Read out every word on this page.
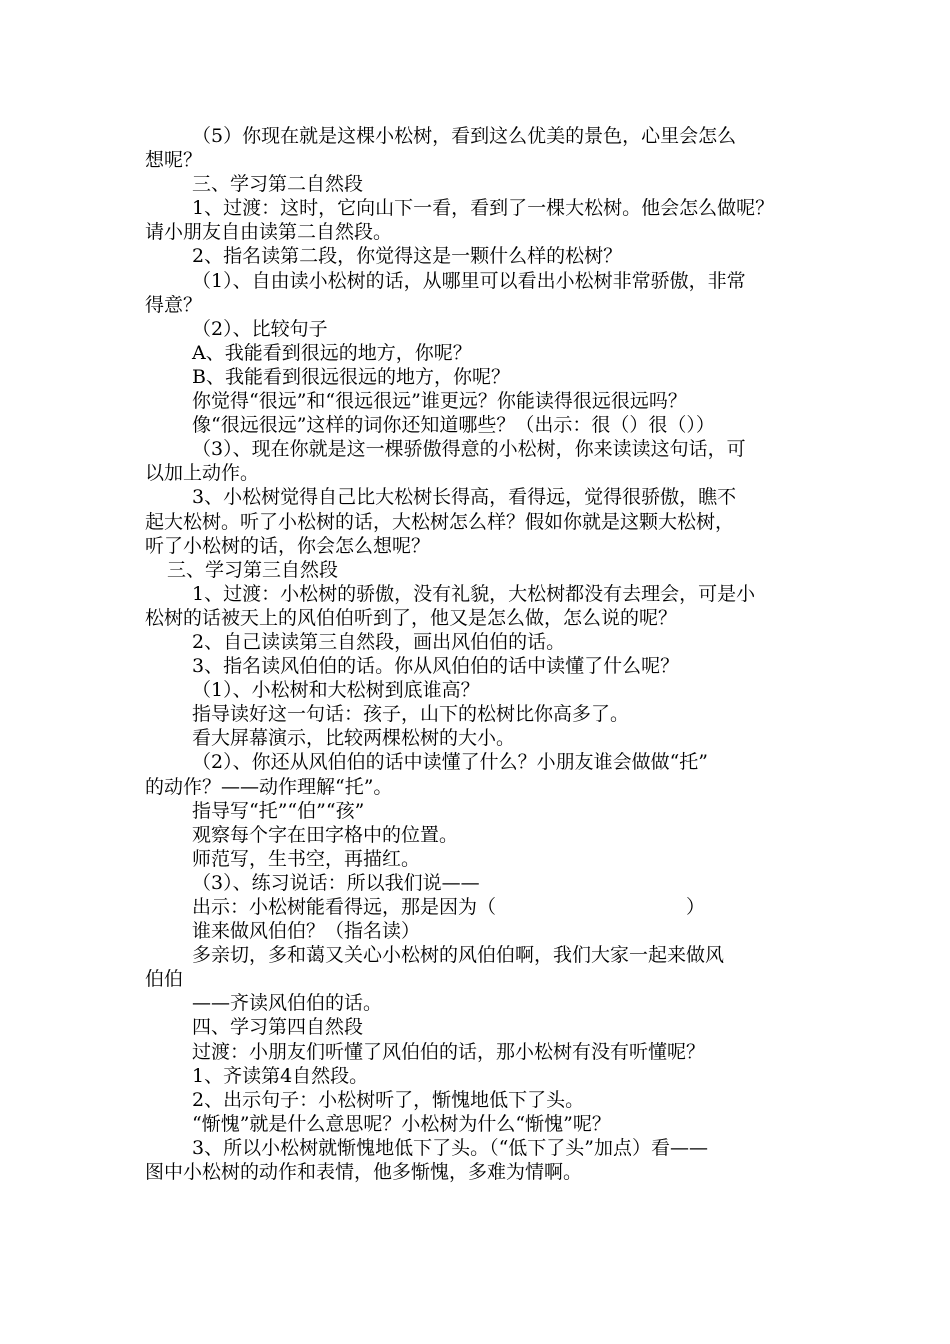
（5）你现在就是这棵小松树，看到这么优美的景色，心里会怎么
想呢？
三、学习第二自然段
1、过渡：这时，它向山下一看，看到了一棵大松树。他会怎么做呢？
请小朋友自由读第二自然段。
2、指名读第二段，你觉得这是一颗什么样的松树？
（1）、自由读小松树的话，从哪里可以看出小松树非常骄傲，非常
得意？
（2）、比较句子
A、我能看到很远的地方，你呢？
B、我能看到很远很远的地方，你呢？
你觉得“很远”和“很远很远”谁更远？你能读得很远很远吗？
像“很远很远”这样的词你还知道哪些？（出示：很（）很（））
（3）、现在你就是这一棵骄傲得意的小松树，你来读读这句话，可
以加上动作。
3、小松树觉得自己比大松树长得高，看得远，觉得很骄傲，瞧不
起大松树。听了小松树的话，大松树怎么样？假如你就是这颗大松树，
听了小松树的话，你会怎么想呢？
三、学习第三自然段
1、过渡：小松树的骄傲，没有礼貌，大松树都没有去理会，可是小
松树的话被天上的风伯伯听到了，他又是怎么做，怎么说的呢？
2、自己读读第三自然段，画出风伯伯的话。
3、指名读风伯伯的话。你从风伯伯的话中读懂了什么呢？
（1）、小松树和大松树到底谁高？
指导读好这一句话：孩子，山下的松树比你高多了。
看大屏幕演示，比较两棵松树的大小。
（2）、你还从风伯伯的话中读懂了什么？小朋友谁会做做“托”
的动作？——动作理解“托”。
指导写“托”“伯”“孩”
观察每个字在田字格中的位置。
师范写，生书空，再描红。
（3）、练习说话：所以我们说——
出示：小松树能看得远，那是因为（　　　　　　　　　　）
谁来做风伯伯？（指名读）
多亲切，多和蔼又关心小松树的风伯伯啊，我们大家一起来做风
伯伯
——齐读风伯伯的话。
四、学习第四自然段
过渡：小朋友们听懂了风伯伯的话，那小松树有没有听懂呢？
1、齐读第4自然段。
2、出示句子：小松树听了，惭愧地低下了头。
“惭愧”就是什么意思呢？小松树为什么“惭愧”呢？
3、所以小松树就惭愧地低下了头。（“低下了头”加点）看——
图中小松树的动作和表情，他多惭愧，多难为情啊。
